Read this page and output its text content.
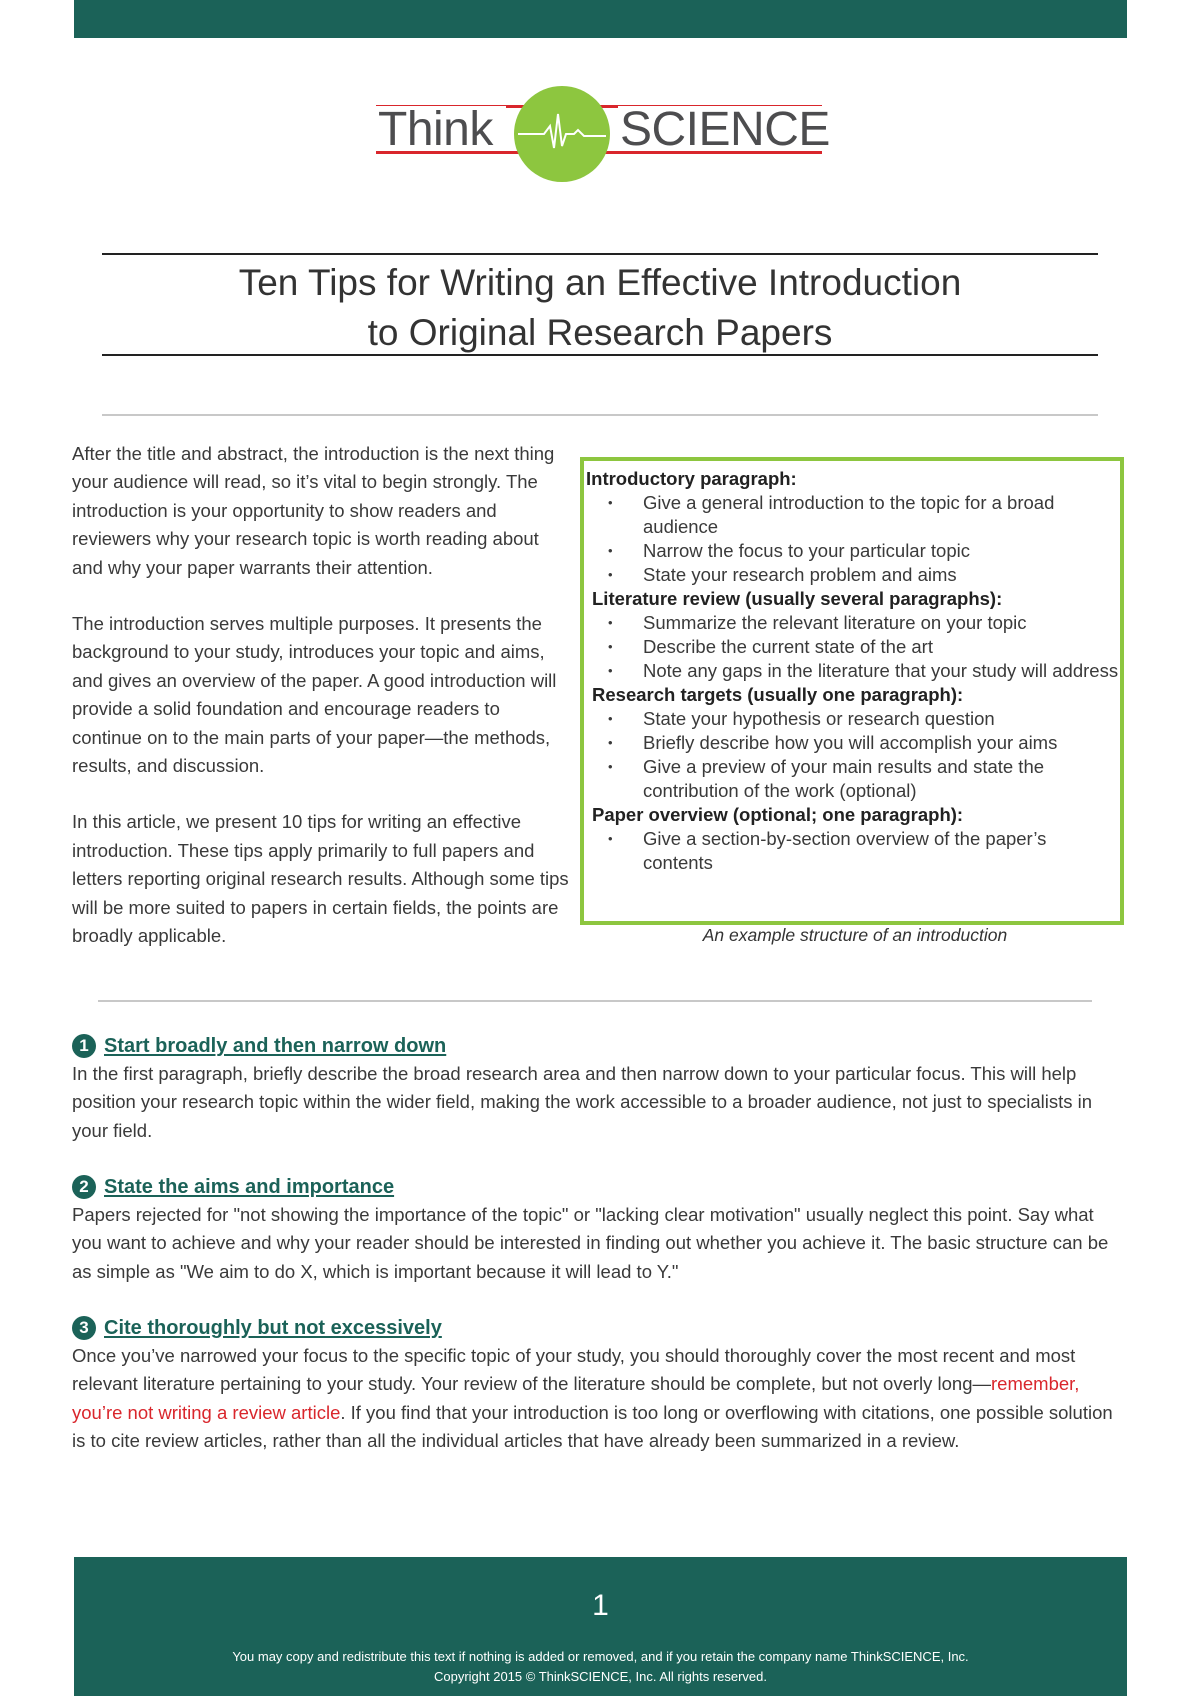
Think	SCIENCE
Ten Tips for Writing an Effective Introduction
to Original Research Papers

After the title and abstract, the introduction is the next thing your audience will read, so it’s vital to begin strongly. The introduction is your opportunity to show readers and reviewers why your research topic is worth reading about and why your paper warrants their attention.

The introduction serves multiple purposes. It presents the background to your study, introduces your topic and aims, and gives an overview of the paper. A good introduction will provide a solid foundation and encourage readers to continue on to the main parts of your paper—the methods, results, and discussion.

In this article, we present 10 tips for writing an effective introduction. These tips apply primarily to full papers and letters reporting original research results. Although some tips will be more suited to papers in certain fields, the points are broadly applicable.

Introductory paragraph:

• Give a general introduction to the topic for a broad audience
• Narrow the focus to your particular topic
• State your research problem and aims

Literature review (usually several paragraphs):

• Summarize the relevant literature on your topic
• Describe the current state of the art
• Note any gaps in the literature that your study will address

Research targets (usually one paragraph):

• State your hypothesis or research question
• Briefly describe how you will accomplish your aims
• Give a preview of your main results and state the contribution of the work (optional)

Paper overview (optional; one paragraph):

• Give a section-by-section overview of the paper’s contents
An example structure of an introduction
1 Start broadly and then narrow down

In the first paragraph, briefly describe the broad research area and then narrow down to your particular focus. This will help position your research topic within the wider field, making the work accessible to a broader audience, not just to specialists in your field.

2 State the aims and importance

Papers rejected for "not showing the importance of the topic" or "lacking clear motivation" usually neglect this point. Say what you want to achieve and why your reader should be interested in finding out whether you achieve it. The basic structure can be as simple as "We aim to do X, which is important because it will lead to Y."

3 Cite thoroughly but not excessively

Once you’ve narrowed your focus to the specific topic of your study, you should thoroughly cover the most recent and most relevant literature pertaining to your study. Your review of the literature should be complete, but not overly long—remember, you’re not writing a review article. If you find that your introduction is too long or overflowing with citations, one possible solution is to cite review articles, rather than all the individual articles that have already been summarized in a review.

1
You may copy and redistribute this text if nothing is added or removed, and if you retain the company name ThinkSCIENCE, Inc.
Copyright 2015 © ThinkSCIENCE, Inc. All rights reserved.
